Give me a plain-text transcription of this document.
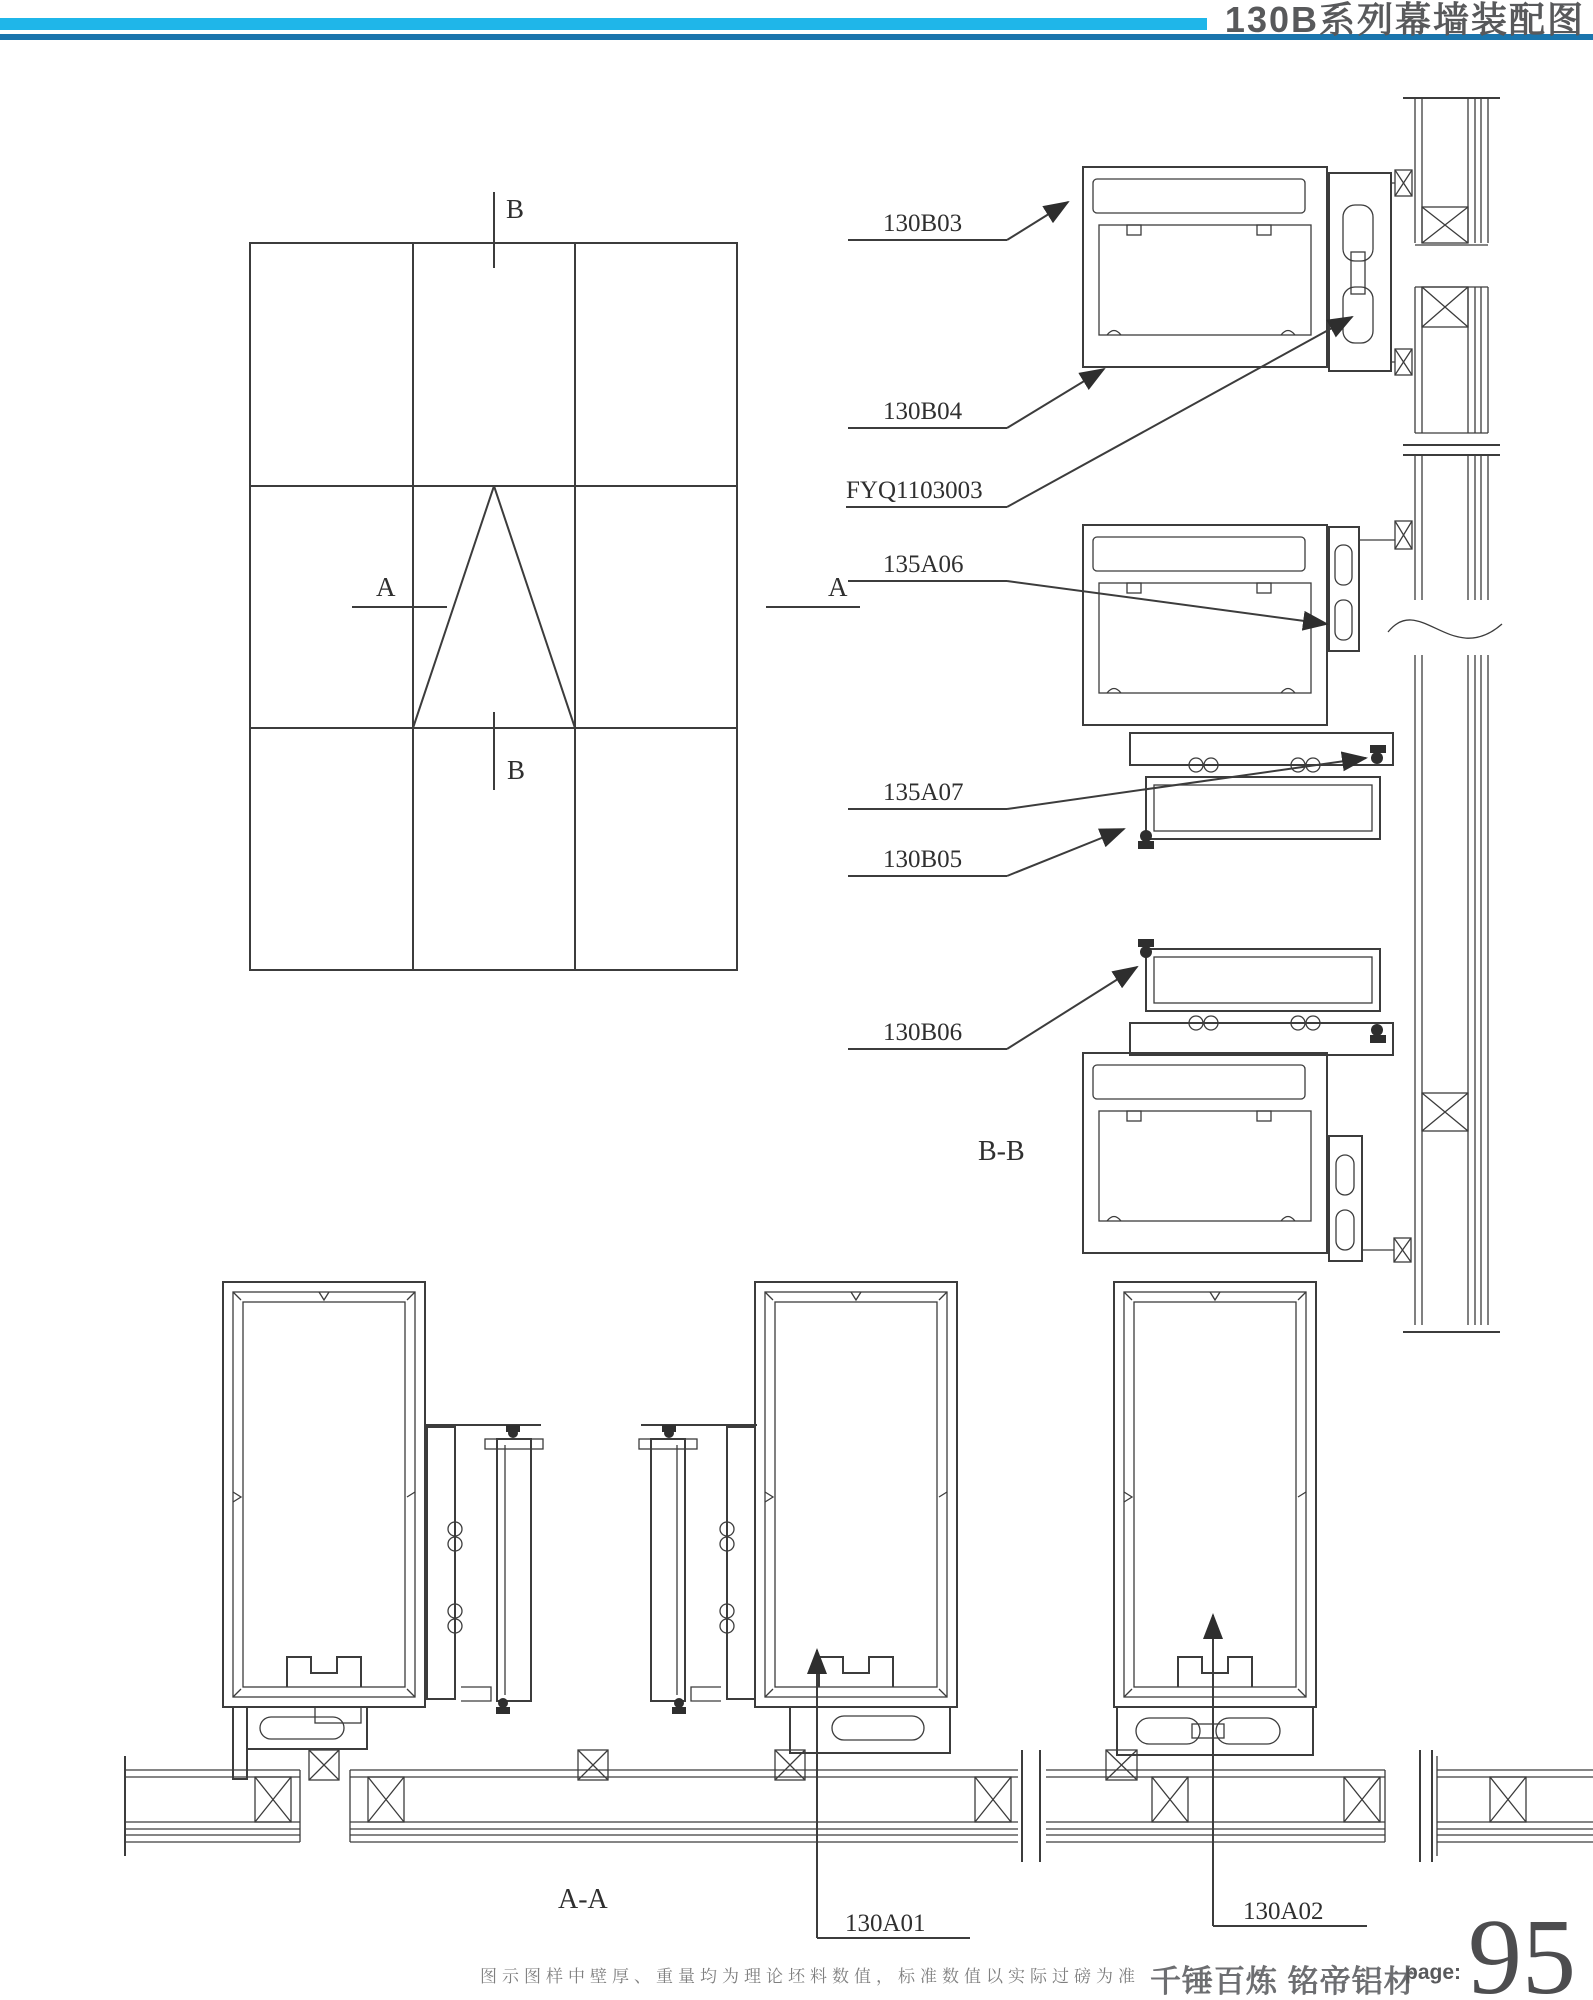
130B系列幕墙装配图
B
B
A	A
130B03
130B04
FYQ1103003
135A06
135A07
130B05
130B06
B-B
130A01	130A02
A-A
图示图样中壁厚、重量均为理论坯料数值，标准数值以实际过磅为准 千锤百炼 铭帝铝材
page: 95
